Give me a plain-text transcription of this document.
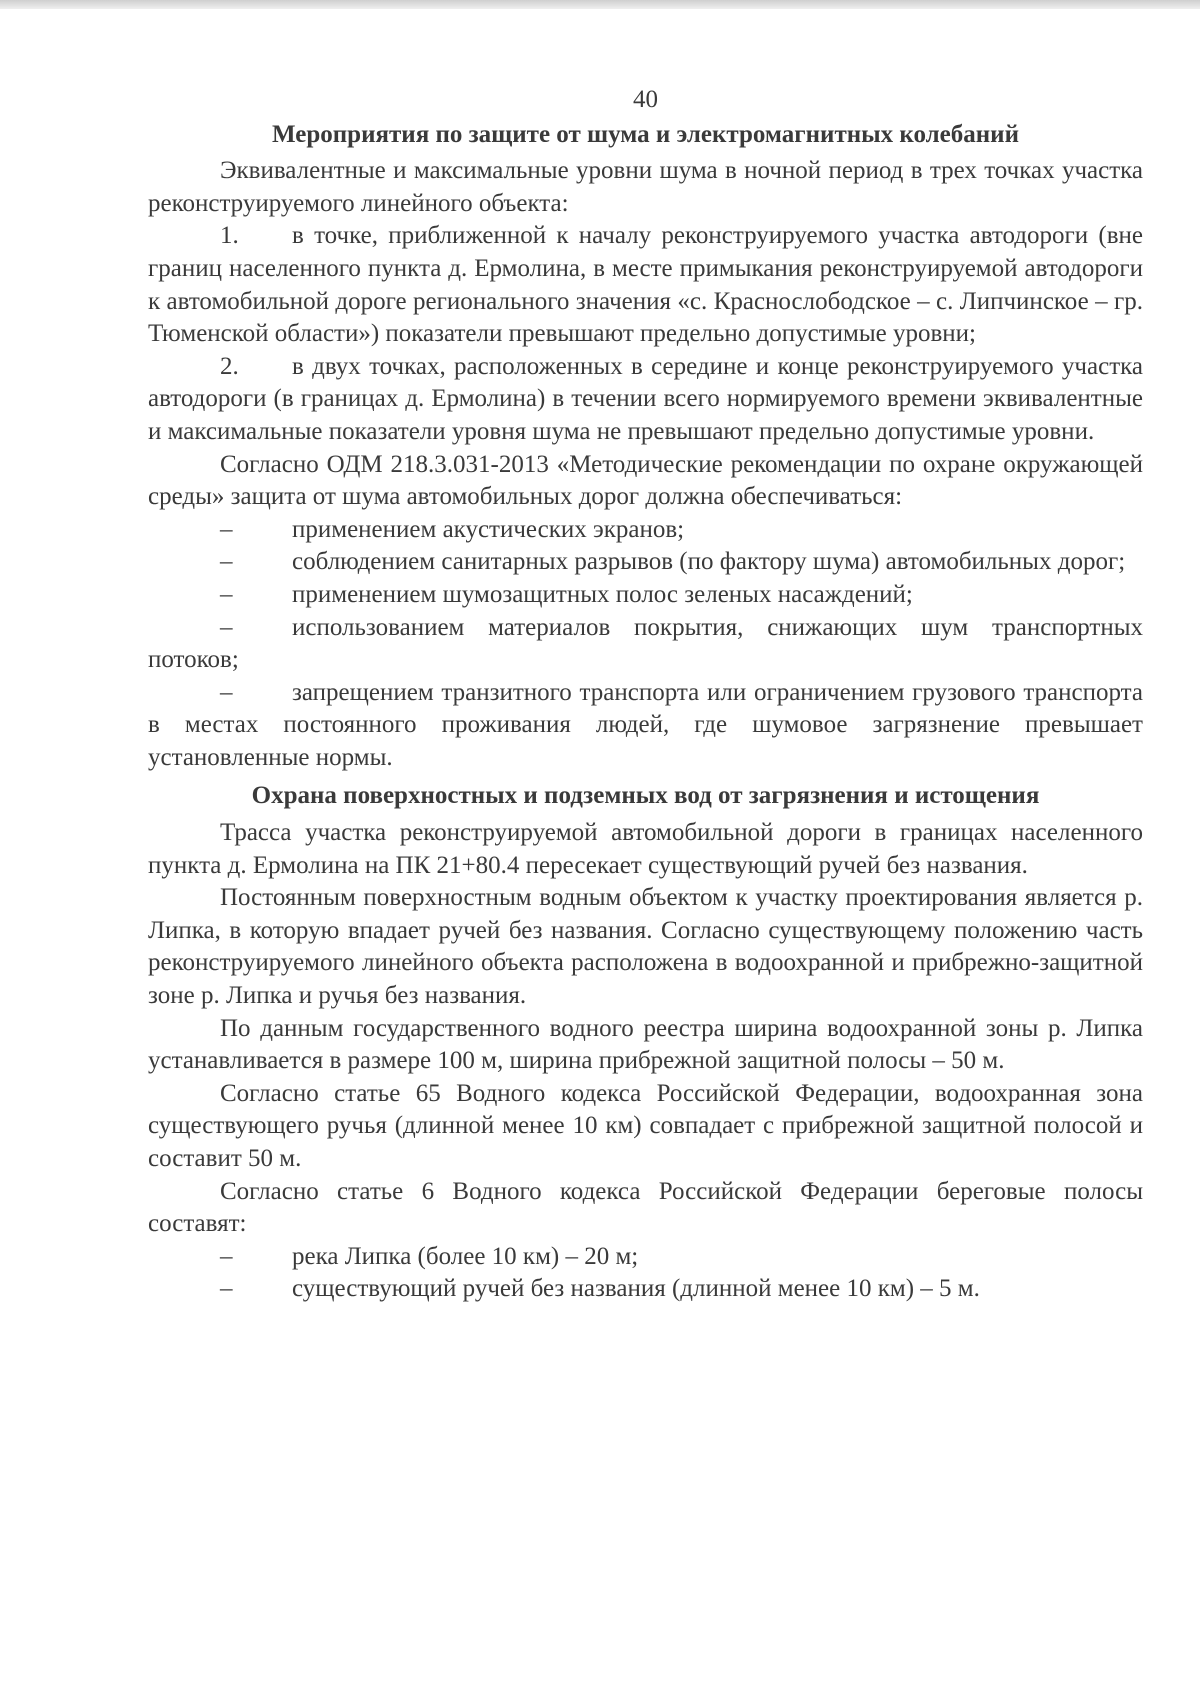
40

Мероприятия по защите от шума и электромагнитных колебаний

Эквивалентные и максимальные уровни шума в ночной период в трех точках участка реконструируемого линейного объекта:

1. в точке, приближенной к началу реконструируемого участка автодороги (вне границ населенного пункта д. Ермолина, в месте примыкания реконструируемой автодороги к автомобильной дороге регионального значения «с. Краснослободское – с. Липчинское – гр. Тюменской области») показатели превышают предельно допустимые уровни;

2. в двух точках, расположенных в середине и конце реконструируемого участка автодороги (в границах д. Ермолина) в течении всего нормируемого времени эквивалентные и максимальные показатели уровня шума не превышают предельно допустимые уровни.

Согласно ОДМ 218.3.031-2013 «Методические рекомендации по охране окружающей среды» защита от шума автомобильных дорог должна обеспечиваться:

– применением акустических экранов;

– соблюдением санитарных разрывов (по фактору шума) автомобильных дорог;

– применением шумозащитных полос зеленых насаждений;

– использованием материалов покрытия, снижающих шум транспортных потоков;

– запрещением транзитного транспорта или ограничением грузового транспорта в местах постоянного проживания людей, где шумовое загрязнение превышает установленные нормы.

Охрана поверхностных и подземных вод от загрязнения и истощения

Трасса участка реконструируемой автомобильной дороги в границах населенного пункта д. Ермолина на ПК 21+80.4 пересекает существующий ручей без названия.

Постоянным поверхностным водным объектом к участку проектирования является р. Липка, в которую впадает ручей без названия. Согласно существующему положению часть реконструируемого линейного объекта расположена в водоохранной и прибрежно-защитной зоне р. Липка и ручья без названия.

По данным государственного водного реестра ширина водоохранной зоны р. Липка устанавливается в размере 100 м, ширина прибрежной защитной полосы – 50 м.

Согласно статье 65 Водного кодекса Российской Федерации, водоохранная зона существующего ручья (длинной менее 10 км) совпадает с прибрежной защитной полосой и составит 50 м.

Согласно статье 6 Водного кодекса Российской Федерации береговые полосы составят:

– река Липка (более 10 км) – 20 м;

– существующий ручей без названия (длинной менее 10 км) – 5 м.
